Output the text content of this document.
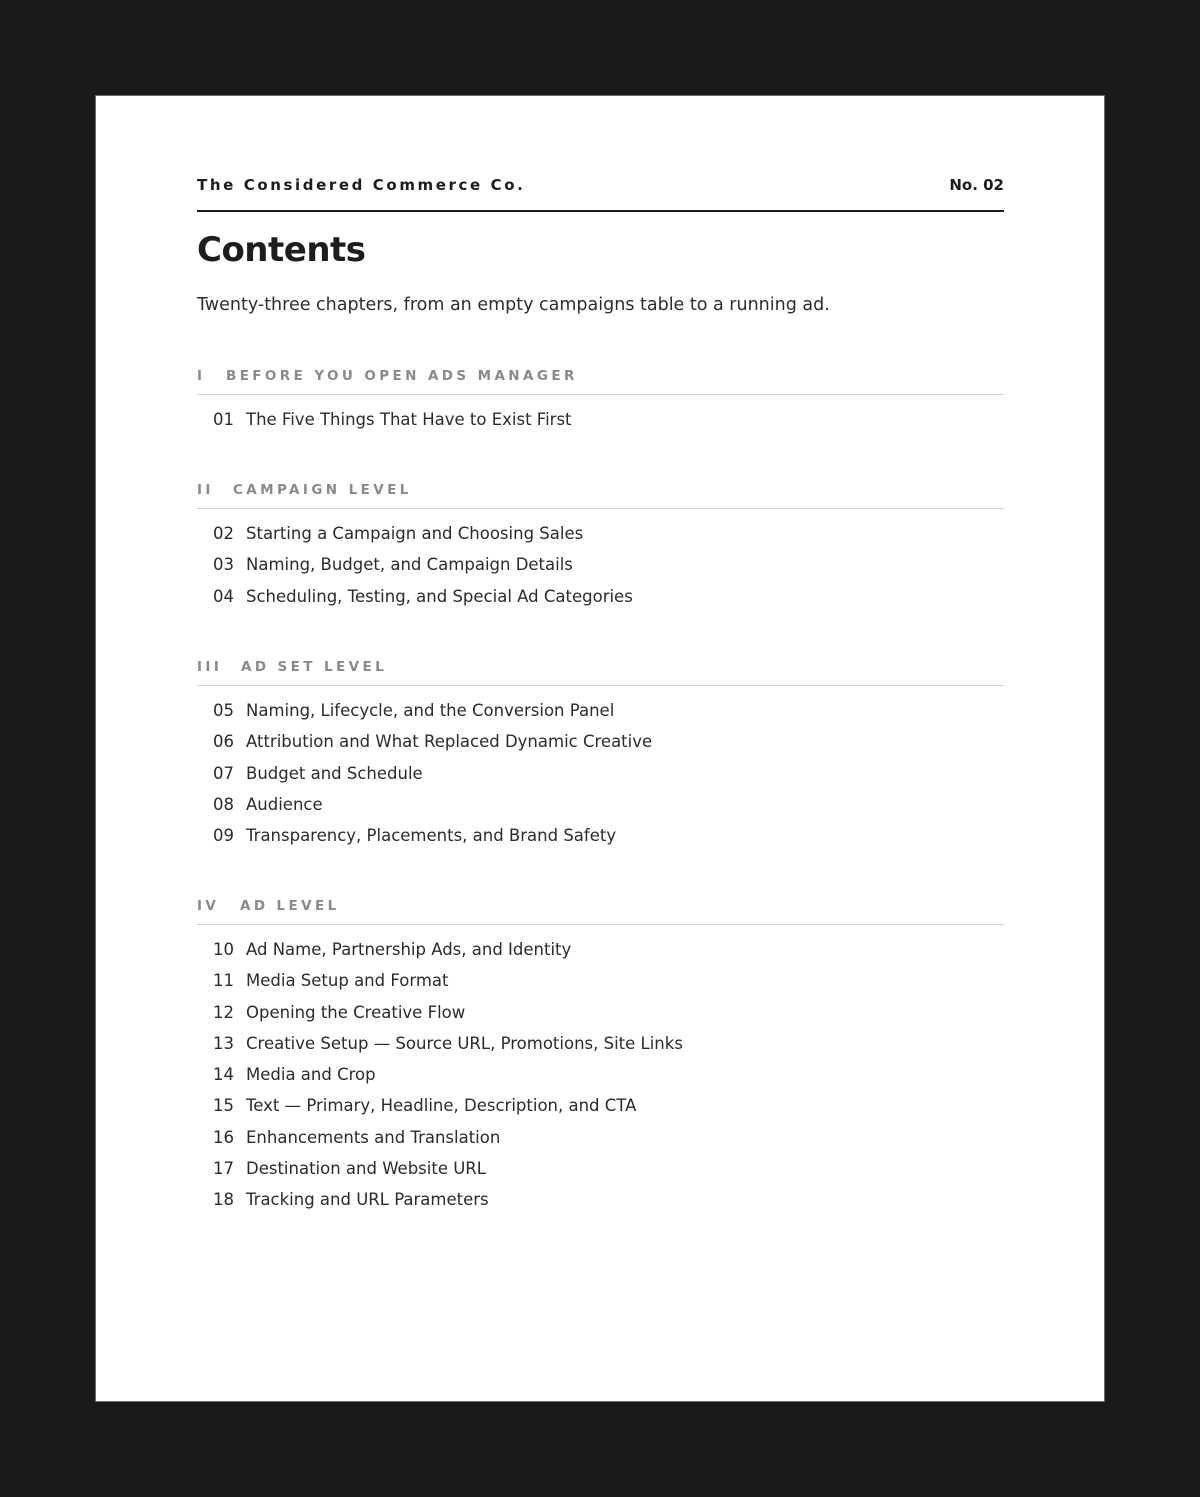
The Considered Commerce Co.	No. 02
Contents
Twenty-three chapters, from an empty campaigns table to a running ad.
I BEFORE YOU OPEN ADS MANAGER
01 The Five Things That Have to Exist First
II CAMPAIGN LEVEL
02 Starting a Campaign and Choosing Sales
03 Naming, Budget, and Campaign Details
04 Scheduling, Testing, and Special Ad Categories
III AD SET LEVEL
05 Naming, Lifecycle, and the Conversion Panel
06 Attribution and What Replaced Dynamic Creative
07 Budget and Schedule
08 Audience
09 Transparency, Placements, and Brand Safety
IV AD LEVEL
10 Ad Name, Partnership Ads, and Identity
11 Media Setup and Format
12 Opening the Creative Flow
13 Creative Setup — Source URL, Promotions, Site Links
14 Media and Crop
15 Text — Primary, Headline, Description, and CTA
16 Enhancements and Translation
17 Destination and Website URL
18 Tracking and URL Parameters
